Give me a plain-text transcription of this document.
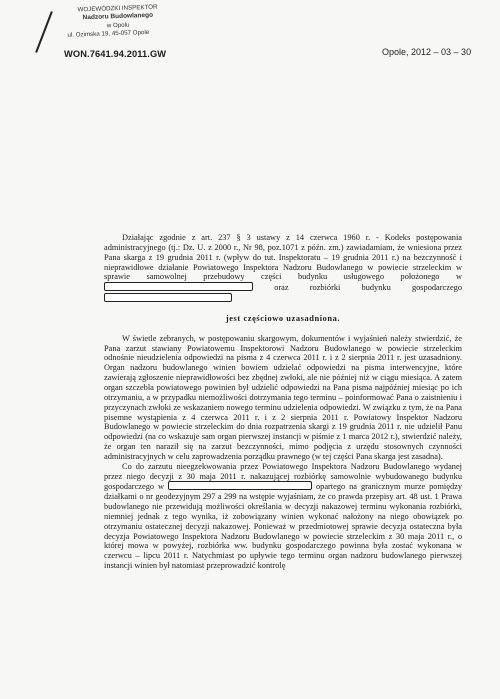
WOJEWÓDZKI INSPEKTOR
Nadzoru Budowlanego
w Opolu
ul. Ozimska 19, 45-057 Opole
WON.7641.94.2011.GW	Opole, 2012 – 03 – 30

Działając zgodnie z art. 237 § 3 ustawy z 14 czerwca 1960 r. - Kodeks postępowania administracyjnego (tj.: Dz. U. z 2000 r., Nr 98, poz.1071 z późn. zm.) zawiadamiam, że wniesiona przez Pana skarga z 19 grudnia 2011 r. (wpływ do tut. Inspektoratu – 19 grudnia 2011 r.) na bezczynność i nieprawidłowe działanie Powiatowego Inspektora Nadzoru Budowlanego w powiecie strzeleckim w sprawie samowolnej przebudowy części budynku usługowego położonego w  oraz rozbiórki budynku gospodarczego

jest częściowo uzasadniona.

W świetle zebranych, w postępowaniu skargowym, dokumentów i wyjaśnień należy stwierdzić, że Pana zarzut stawiany Powiatowemu Inspektorowi Nadzoru Budowlanego w powiecie strzeleckim odnośnie nieudzielenia odpowiedzi na pisma z 4 czerwca 2011 r. i z 2 sierpnia 2011 r. jest uzasadniony. Organ nadzoru budowlanego winien bowiem udzielać odpowiedzi na pisma interwencyjne, które zawierają zgłoszenie nieprawidłowości bez zbędnej zwłoki, ale nie później niż w ciągu miesiąca. A zatem organ szczebla powiatowego powinien był udzielić odpowiedzi na Pana pisma najpóźniej miesiąc po ich otrzymaniu, a w przypadku niemożliwości dotrzymania tego terminu – poinformować Pana o zaistnieniu i przyczynach zwłoki ze wskazaniem nowego terminu udzielenia odpowiedzi. W związku z tym, że na Pana pisemne wystąpienia z 4 czerwca 2011 r. i z 2 sierpnia 2011 r. Powiatowy Inspektor Nadzoru Budowlanego w powiecie strzeleckim do dnia rozpatrzenia skargi z 19 grudnia 2011 r. nie udzielił Panu odpowiedzi (na co wskazuje sam organ pierwszej instancji w piśmie z 1 marca 2012 r.), stwierdzić należy, że organ ten naraził się na zarzut bezczynności, mimo podjęcia z urzędu stosownych czynności administracyjnych w celu zaprowadzenia porządku prawnego (w tej części Pana skarga jest zasadna).

Co do zarzutu nieegzekwowania przez Powiatowego Inspektora Nadzoru Budowlanego wydanej przez niego decyzji z 30 maja 2011 r. nakazującej rozbiórkę samowolnie wybudowanego budynku gospodarczego w	opartego na granicznym murze pomiędzy działkami o nr geodezyjnym 297 a 299 na wstępie wyjaśniam, że co prawda przepisy art. 48 ust. 1 Prawa budowlanego nie przewidują możliwości określania w decyzji nakazowej terminu wykonania rozbiórki, niemniej jednak z tego wynika, iż zobowiązany winien wykonać nałożony na niego obowiązek po otrzymaniu ostatecznej decyzji nakazowej. Ponieważ w przedmiotowej sprawie decyzja ostateczna była decyzja Powiatowego Inspektora Nadzoru Budowlanego w powiecie strzeleckim z 30 maja 2011 r., o której mowa w powyżej, rozbiórka ww. budynku gospodarczego powinna była zostać wykonana w czerwcu – lipcu 2011 r. Natychmiast po upływie tego terminu organ nadzoru budowlanego pierwszej instancji winien był natomiast przeprowadzić kontrolę
